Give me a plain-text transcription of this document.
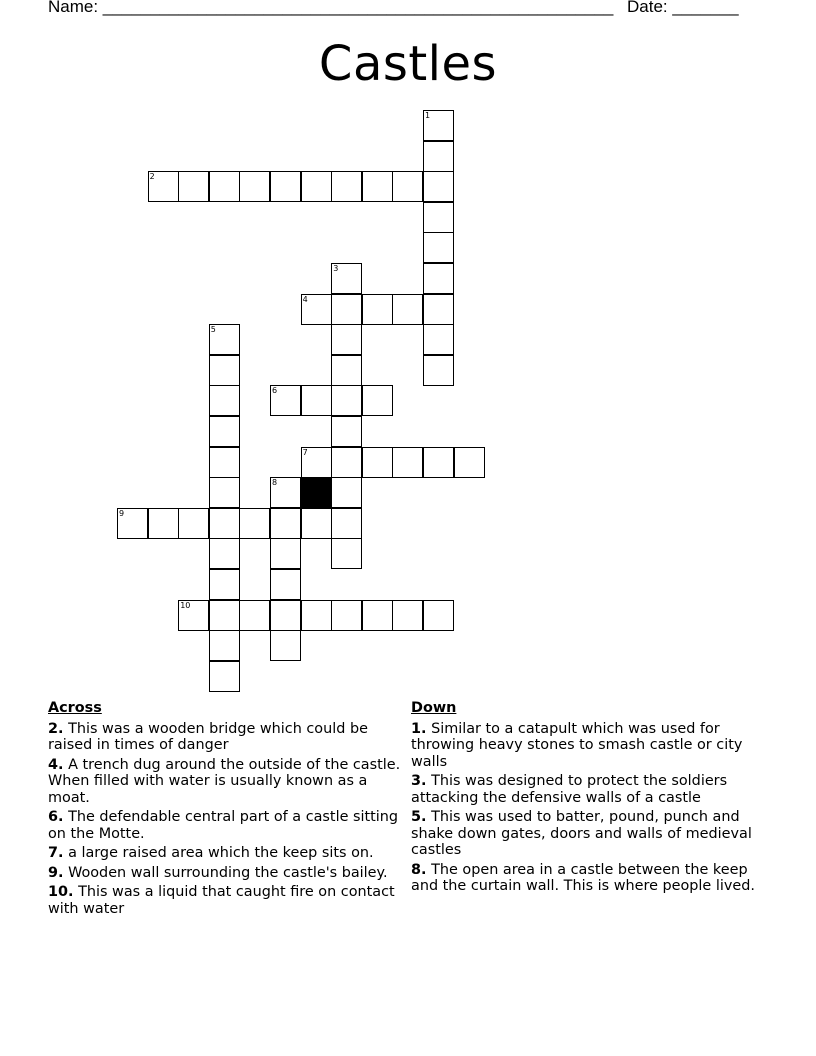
Name: ______________________________________________________ Date: _______
Castles
2
4
6
7
9
10
1
3
5
8
Across
2. This was a wooden bridge which could be raised in times of danger
4. A trench dug around the outside of the castle. When filled with water is usually known as a moat.
6. The defendable central part of a castle sitting on the Motte.
7. a large raised area which the keep sits on.
9. Wooden wall surrounding the castle's bailey.
10. This was a liquid that caught fire on contact with water
Down
1. Similar to a catapult which was used for throwing heavy stones to smash castle or city walls
3. This was designed to protect the soldiers attacking the defensive walls of a castle
5. This was used to batter, pound, punch and shake down gates, doors and walls of medieval castles
8. The open area in a castle between the keep and the curtain wall. This is where people lived.
